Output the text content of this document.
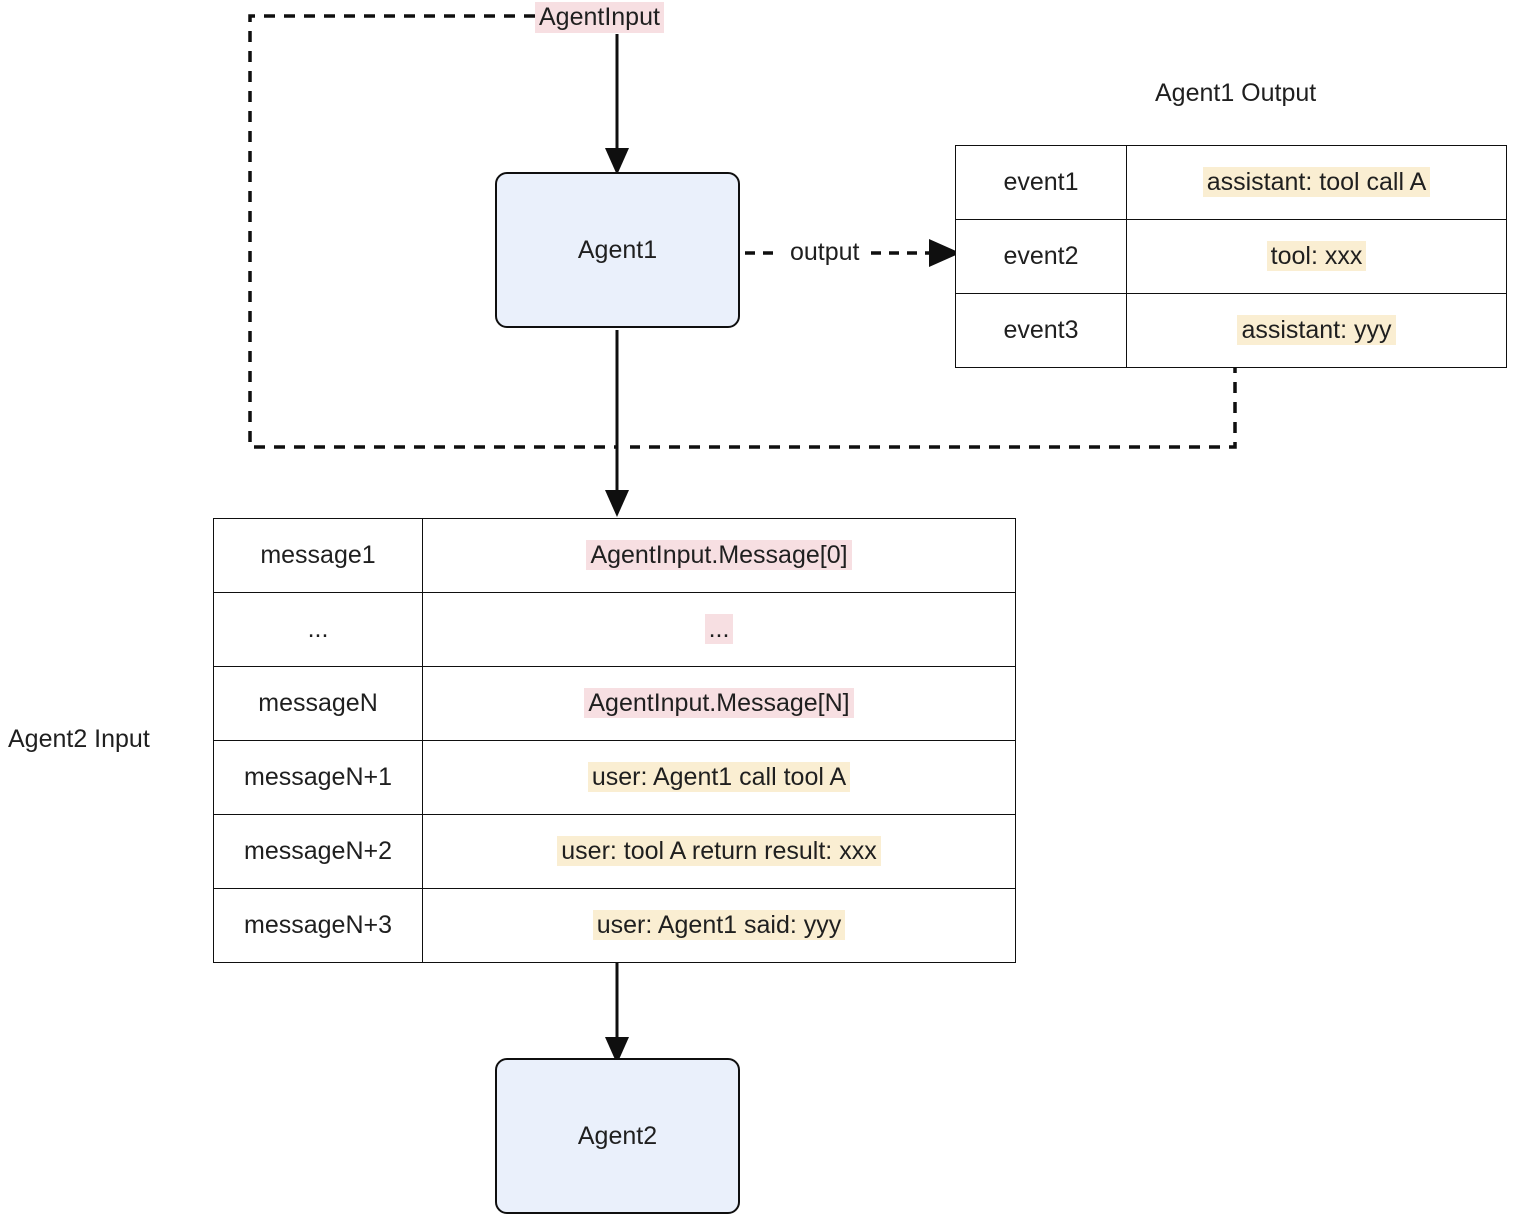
AgentInput
output
Agent1
Agent2
Agent1 Output
event1	assistant: tool call A
event2	tool: xxx
event3	assistant: yyy
Agent2 Input
message1	AgentInput.Message[0]
...	...
messageN	AgentInput.Message[N]
messageN+1	user: Agent1 call tool A
messageN+2	user: tool A return result: xxx
messageN+3	user: Agent1 said: yyy
